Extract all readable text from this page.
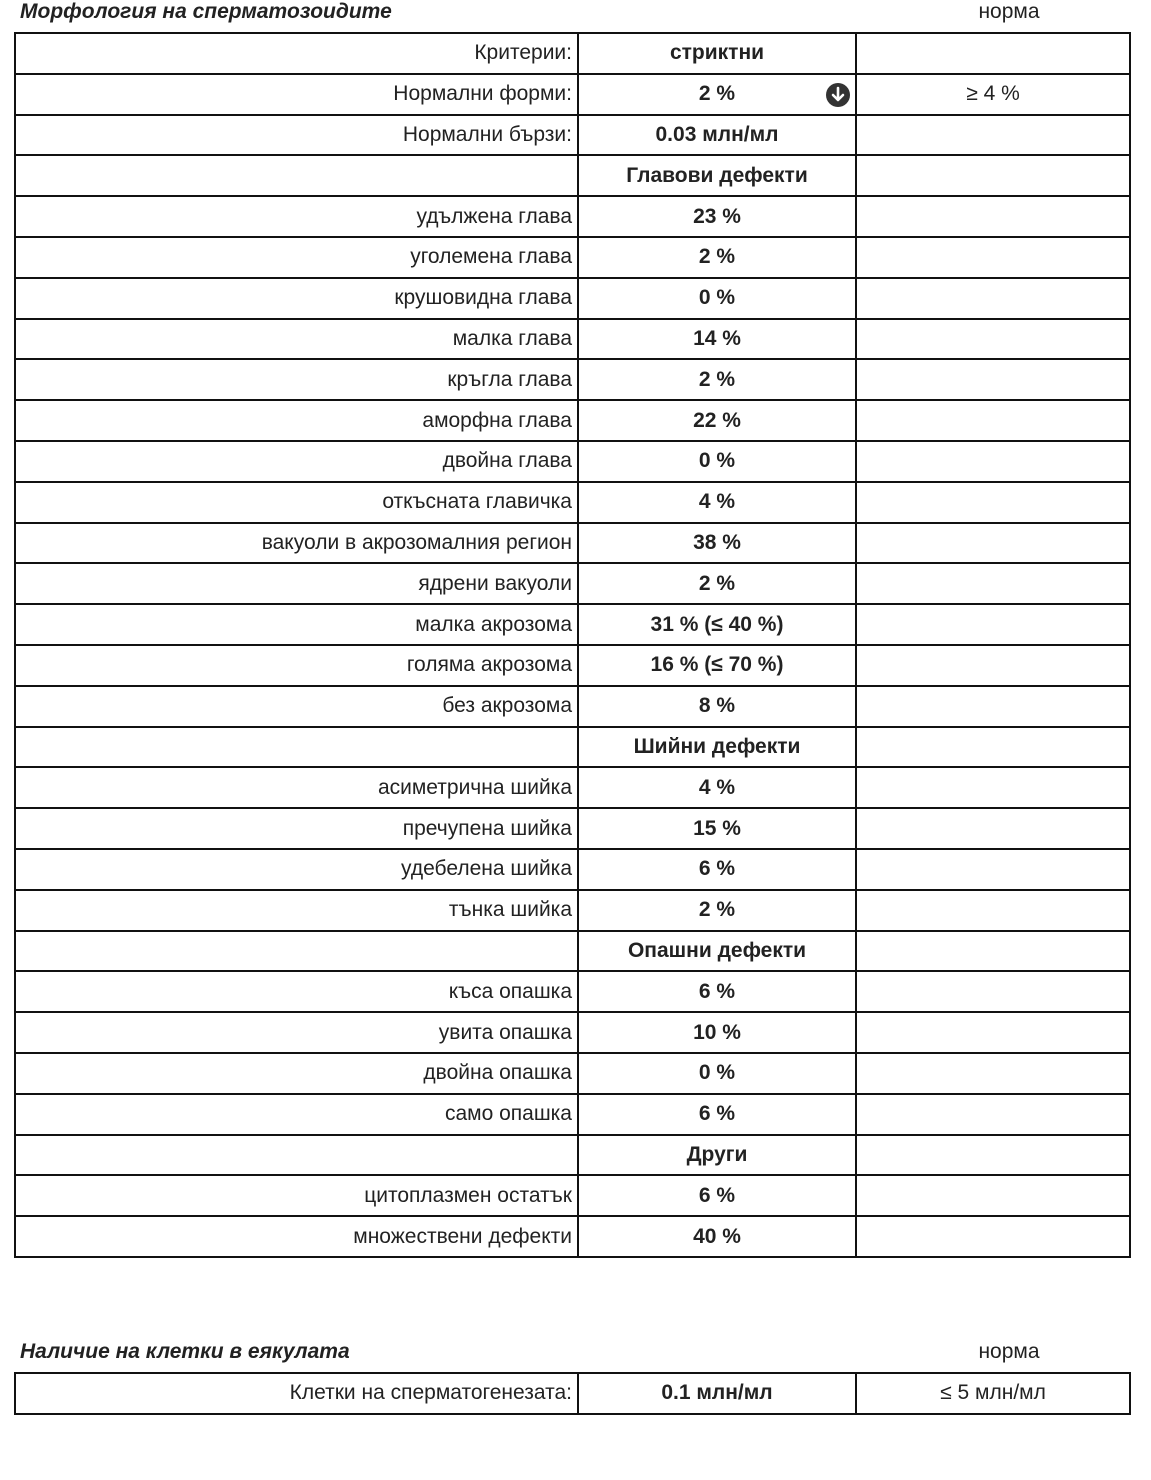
Морфология на сперматозоидите	норма
Критерии:	стриктни	
Нормални форми:	2 %	≥ 4 %
Нормални бързи:	0.03 млн/мл	
	Главови дефекти	
удължена глава	23 %	
уголемена глава	2 %	
крушовидна глава	0 %	
малка глава	14 %	
кръгла глава	2 %	
аморфна глава	22 %	
двойна глава	0 %	
откъсната главичка	4 %	
вакуоли в акрозомалния регион	38 %	
ядрени вакуоли	2 %	
малка акрозома	31 % (≤ 40 %)	
голяма акрозома	16 % (≤ 70 %)	
без акрозома	8 %	
	Шийни дефекти	
асиметрична шийка	4 %	
пречупена шийка	15 %	
удебелена шийка	6 %	
тънка шийка	2 %	
	Опашни дефекти	
къса опашка	6 %	
увита опашка	10 %	
двойна опашка	0 %	
само опашка	6 %	
	Други	
цитоплазмен остатък	6 %	
множествени дефекти	40 %	
Наличие на клетки в еякулата	норма
Клетки на сперматогенезата:	0.1 млн/мл	≤ 5 млн/мл
